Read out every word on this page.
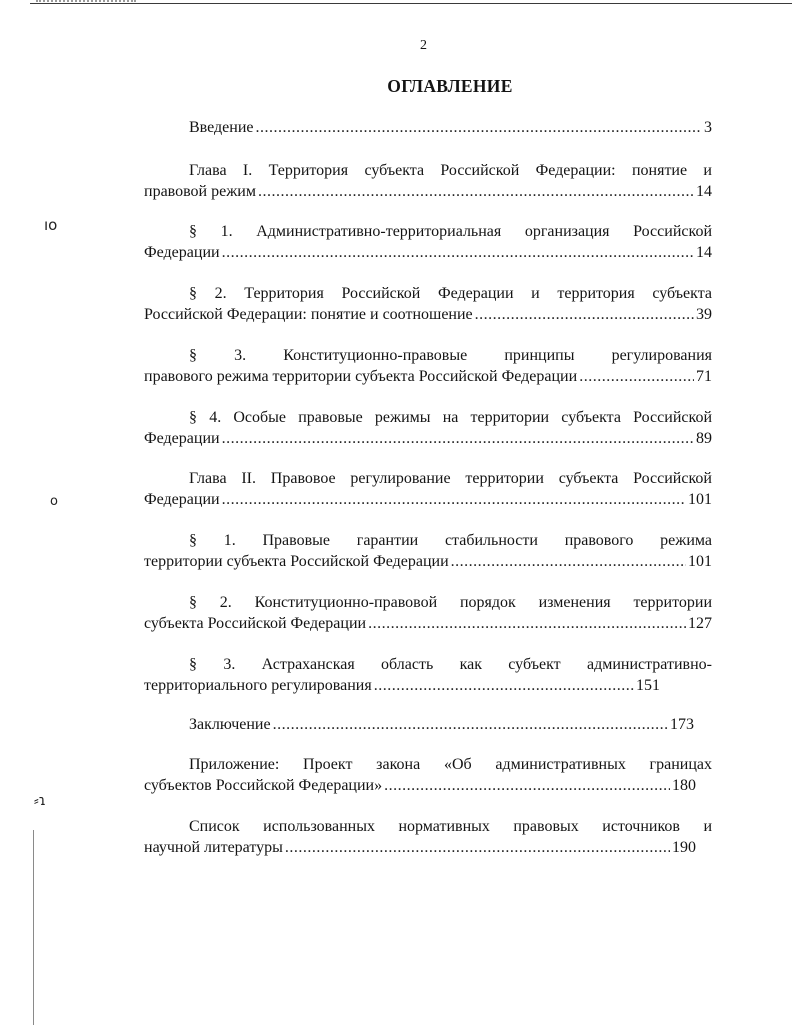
ıo
o
⸗ɿ
2
ОГЛАВЛЕНИЕ
Введение .....	3
Глава I. Территория субъекта Российской Федерации: понятие и
правовой режим .....	14
§ 1. Административно-территориальная организация Российской
Федерации .....	14
§ 2. Территория Российской Федерации и территория субъекта
Российской Федерации: понятие и соотношение .....	39
§ 3. Конституционно-правовые принципы регулирования
правового режима территории субъекта Российской Федерации .....	71
§ 4. Особые правовые режимы на территории субъекта Российской
Федерации .....	89
Глава II. Правовое регулирование территории субъекта Российской
Федерации .....	101
§ 1. Правовые гарантии стабильности правового режима
территории субъекта Российской Федерации .....	101
§ 2. Конституционно-правовой порядок изменения территории
субъекта Российской Федерации .....	127
§ 3. Астраханская область как субъект административно-
территориального регулирования .....	151
Заключение .....	173
Приложение: Проект закона «Об административных границах
субъектов Российской Федерации» .....	180
Список использованных нормативных правовых источников и
научной литературы .....	190
